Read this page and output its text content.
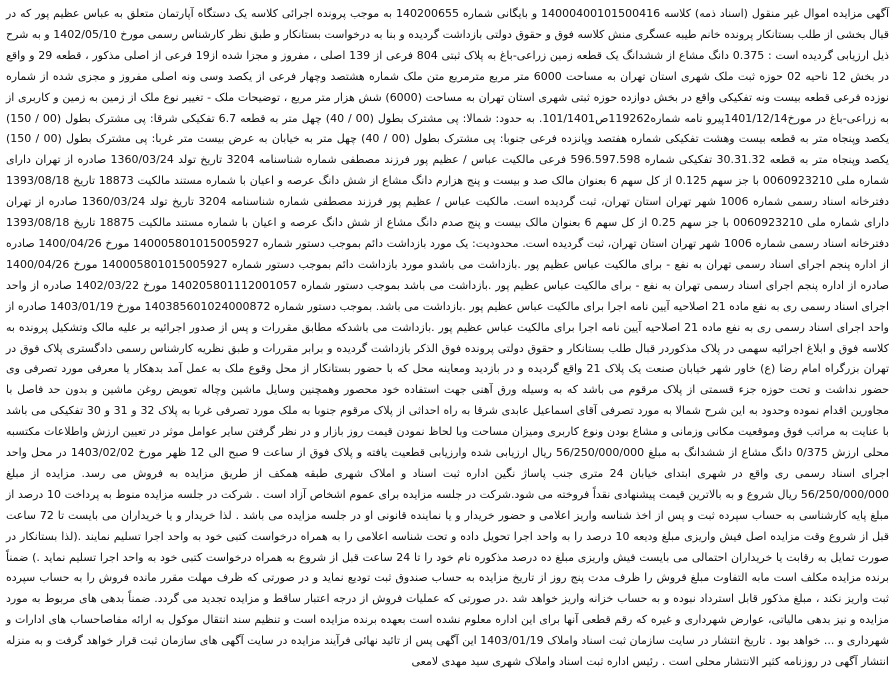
آگهی مزایده اموال غیر منقول (اسناد ذمه) کلاسه 14000400101500416 و بایگانی شماره 140200655 به موجب پرونده اجرائی کلاسه یک دستگاه آپارتمان متعلق به عباس عظیم پور که در قبال بخشی از طلب بستانکار پرونده خانم طیبه عسگری منش کلاسه فوق و حقوق دولتی بازداشت گردیده و بنا به درخواست بستانکار و طبق نظر کارشناس رسمی مورخ 1402/05/10 و به شرح ذیل ارزیابی گردیده است : 0.375 دانگ مشاع از ششدانگ یک قطعه زمین زراعی-باغ به پلاک ثبتی 804 فرعی از 139 اصلی ، مفروز و مجزا شده از19 فرعی از اصلی مذکور ، قطعه 29 و واقع در بخش 12 ناحیه 02 حوزه ثبت ملک شهری استان تهران به مساحت 6000 متر مربع مترمربع متن ملک شماره هشتصد وچهار فرعی از یکصد وسی ونه اصلی مفروز و مجزی شده از شماره نوزده فرعی قطعه بیست ونه تفکیکی واقع در بخش دوازده حوزه ثبتی شهری استان تهران به مساحت (6000) شش هزار متر مربع ، توضیحات ملک - تغییر نوع ملک از زمین به زمین و کاربری از به زراعی-باغ در مورخ1401/12/14پیرو نامه شماره119262ص101/1401. به حدود: شمالا: پی مشترک بطول (00 / 40) چهل متر به قطعه 6.7 تفکیکی شرقا: پی مشترک بطول (00 / 150) یکصد وپنجاه متر به قطعه بیست وهشت تفکیکی شماره هفتصد وپانزده فرعی جنوبا: پی مشترک بطول (00 / 40) چهل متر به خیابان به عرض بیست متر غربا: پی مشترک بطول (00 / 150) یکصد وپنجاه متر به قطعه 30.31.32 تفکیکی شماره 596.597.598 فرعی مالکیت عباس / عظیم پور فرزند مصطفی شماره شناسنامه 3204 تاریخ تولد 1360/03/24 صادره از تهران دارای شماره ملی 0060923210 با جز سهم 0.125 از کل سهم 6 بعنوان مالک صد و بیست و پنج هزارم دانگ مشاع از شش دانگ عرصه و اعیان با شماره مستند مالکیت 18873 تاریخ 1393/08/18 دفترخانه اسناد رسمی شماره 1006 شهر تهران استان تهران، ثبت گردیده است. مالکیت عباس / عظیم پور فرزند مصطفی شماره شناسنامه 3204 تاریخ تولد 1360/03/24 صادره از تهران دارای شماره ملی 0060923210 با جز سهم 0.25 از کل سهم 6 بعنوان مالک بیست و پنج صدم دانگ مشاع از شش دانگ عرصه و اعیان با شماره مستند مالکیت 18875 تاریخ 1393/08/18 دفترخانه اسناد رسمی شماره 1006 شهر تهران استان تهران، ثبت گردیده است. محدودیت: یک مورد بازداشت دائم بموجب دستور شماره 140005801015005927 مورخ 1400/04/26 صادره از اداره پنجم اجرای اسناد رسمی تهران به نفع - برای مالکیت عباس عظیم پور .بازداشت می باشدو مورد بازداشت دائم بموجب دستور شماره 140005801015005927 مورخ 1400/04/26 صادره از اداره پنجم اجرای اسناد رسمی تهران به نفع - برای مالکیت عباس عظیم پور .بازداشت می باشد بموجب دستور شماره 140205801112001057 مورخ 1402/03/22 صادره از واحد اجرای اسناد رسمی ری به نفع ماده 21 اصلاحیه آیین نامه اجرا برای مالکیت عباس عظیم پور .بازداشت می باشد. بموجب دستور شماره 140385601024000872 مورخ 1403/01/19 صادره از واحد اجرای اسناد رسمی ری به نفع ماده 21 اصلاحیه آیین نامه اجرا برای مالکیت عباس عظیم پور .بازداشت می باشدکه مطابق مقررات و پس از صدور اجرائیه بر علیه مالک وتشکیل پرونده به کلاسه فوق و ابلاغ اجرائیه سهمی در پلاک مذکوردر قبال طلب بستانکار و حقوق دولتی پرونده فوق الذکر بازداشت گردیده و برابر مقررات و طبق نظریه کارشناس رسمی دادگستری پلاک فوق در تهران بزرگراه امام رضا (ع) خاور شهر خیابان صنعت یک پلاک 21 واقع گردیده و در بازدید ومعاینه محل که با حضور بستانکار از محل وقوع ملک به عمل آمد بدهکار یا معرفی مورد تصرفی وی حضور نداشت و تحت حوزه جزء قسمتی از پلاک مرقوم می باشد که به وسیله ورق آهنی جهت استفاده خود محصور وهمچنین وسایل ماشین وچاله تعویض روغن ماشین و بدون حد فاصل با مجاورین اقدام نموده وحدود به این شرح شمالا به مورد تصرفی آقای اسماعیل عابدی شرقا به راه احداثی از پلاک مرقوم جنوبا به ملک مورد تصرفی غربا به پلاک 32 و 31 و 30 تفکیکی می باشد با عنایت به مراتب فوق وموقعیت مکانی وزمانی و مشاع بودن ونوع کاربری ومیزان مساحت وبا لحاظ نمودن قیمت روز بازار و در نظر گرفتن سایر عوامل موثر در تعیین ارزش واطلاعات مکتسبه محلی ارزش 0/375 دانگ مشاع از ششدانگ به مبلغ 56/250/000/000 ریال ارزیابی شده وارزیابی قطعیت یافته و پلاک فوق از ساعت 9 صبح الی 12 ظهر مورخ 1403/02/02 در محل واحد اجرای اسناد رسمی ری واقع در شهری ابتدای خیابان 24 متری جنب پاساژ نگین اداره ثبت اسناد و املاک شهری طبقه همکف از طریق مزایده به فروش می رسد. مزایده از مبلغ 56/250/000/000 ریال شروع و به بالاترین قیمت پیشنهادی نقداً فروخته می شود.شرکت در جلسه مزایده برای عموم اشخاص آزاد است . شرکت در جلسه مزایده منوط به پرداخت 10 درصد از مبلغ پایه کارشناسی به حساب سپرده ثبت و پس از اخذ شناسه واریز اعلامی و حضور خریدار و یا نماینده قانونی او در جلسه مزایده می باشد . لذا خریدار و یا خریداران می بایست تا 72 ساعت قبل از شروع وقت مزایده اصل فیش واریزی مبلغ ودیعه 10 درصد را به واحد اجرا تحویل داده و تحت شناسه اعلامی را به همراه درخواست کتبی خود به واحد اجرا تسلیم نمایند .(لذا بستانکار در صورت تمایل به رقابت یا خریداران احتمالی می بایست فیش واریزی مبلغ ده درصد مذکوره نام خود را تا 24 ساعت قبل از شروع به همراه درخواست کتبی خود به واحد اجرا تسلیم نماید .) ضمناً برنده مزایده مکلف است مابه التفاوت مبلغ فروش را ظرف مدت پنج روز از تاریخ مزایده به حساب صندوق ثبت تودیع نماید و در صورتی که ظرف مهلت مقرر مانده فروش را به حساب سپرده ثبت واریز نکند ، مبلغ مذکور قابل استرداد نبوده و به حساب خزانه واریز خواهد شد .در صورتی که عملیات فروش از درجه اعتبار ساقط و مزایده تجدید می گردد. ضمناً بدهی های مربوط به مورد مزایده و نیز بدهی مالیاتی، عوارض شهرداری و غیره که رقم قطعی آنها برای این اداره معلوم نشده است بعهده برنده مزایده است و تنظیم سند انتقال موکول به ارائه مفاصاحساب های ادارات و شهرداری و ... خواهد بود . تاریخ انتشار در سایت سازمان ثبت اسناد واملاک 1403/01/19 این آگهی پس از تائید نهائی فرآیند مزایده در سایت آگهی های سازمان ثبت قرار خواهد گرفت و به منزله انتشار آگهی در روزنامه کثیر الانتشار محلی است . رئیس اداره ثبت اسناد واملاک شهری سید مهدی لامعی
